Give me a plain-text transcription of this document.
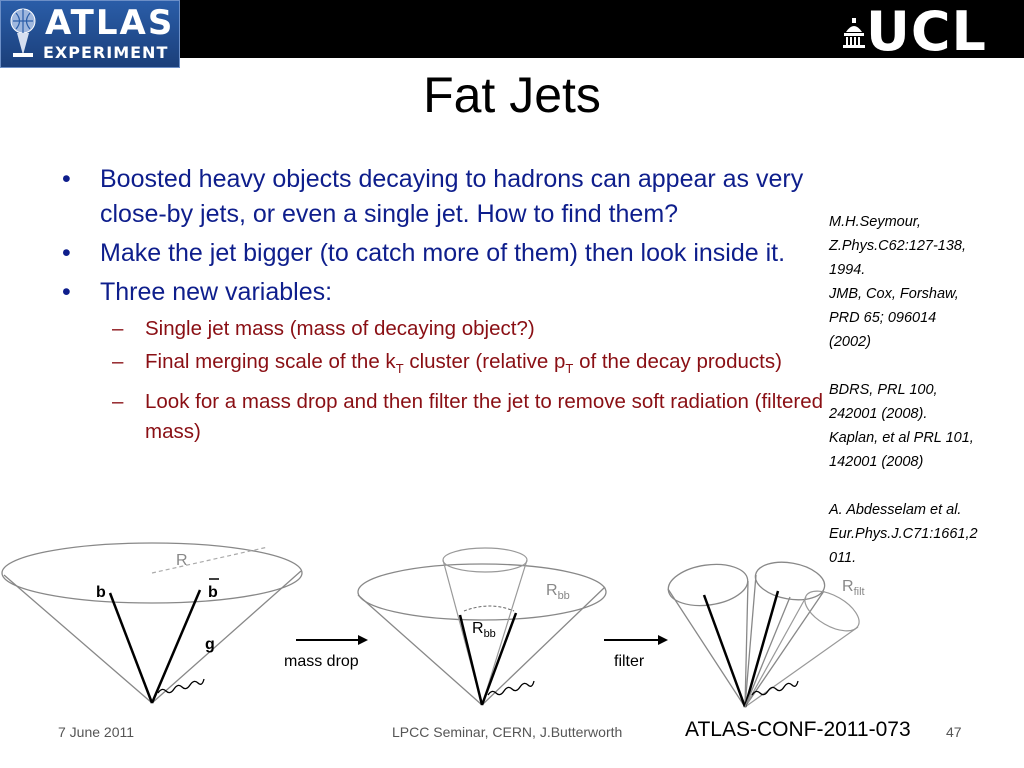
ATLAS
EXPERIMENT	UCL
Fat Jets
• Boosted heavy objects decaying to hadrons can appear as very close-by jets, or even a single jet. How to find them?
• Make the jet bigger (to catch more of them) then look inside it.
• Three new variables:
– Single jet mass (mass of decaying object?)
– Final merging scale of the $k_T$ cluster (relative $p_T$ of the decay products)
– Look for a mass drop and then filter the jet to remove soft radiation (filtered mass)
M.H.Seymour,
Z.Phys.C62:127-138,
1994.
JMB, Cox, Forshaw,
PRD 65; 096014
(2002)
BDRS, PRL 100,
242001 (2008).
Kaplan, et al PRL 101,
142001 (2008)
A. Abdesselam et al.
Eur.Phys.J.C71:1661,2
011.
R
b	b
g
mass drop
$R_{bb}$
$R_{bb}$
filter
$R_{filt}$
7 June 2011	LPCC Seminar, CERN, J.Butterworth	ATLAS-CONF-2011-073	47
